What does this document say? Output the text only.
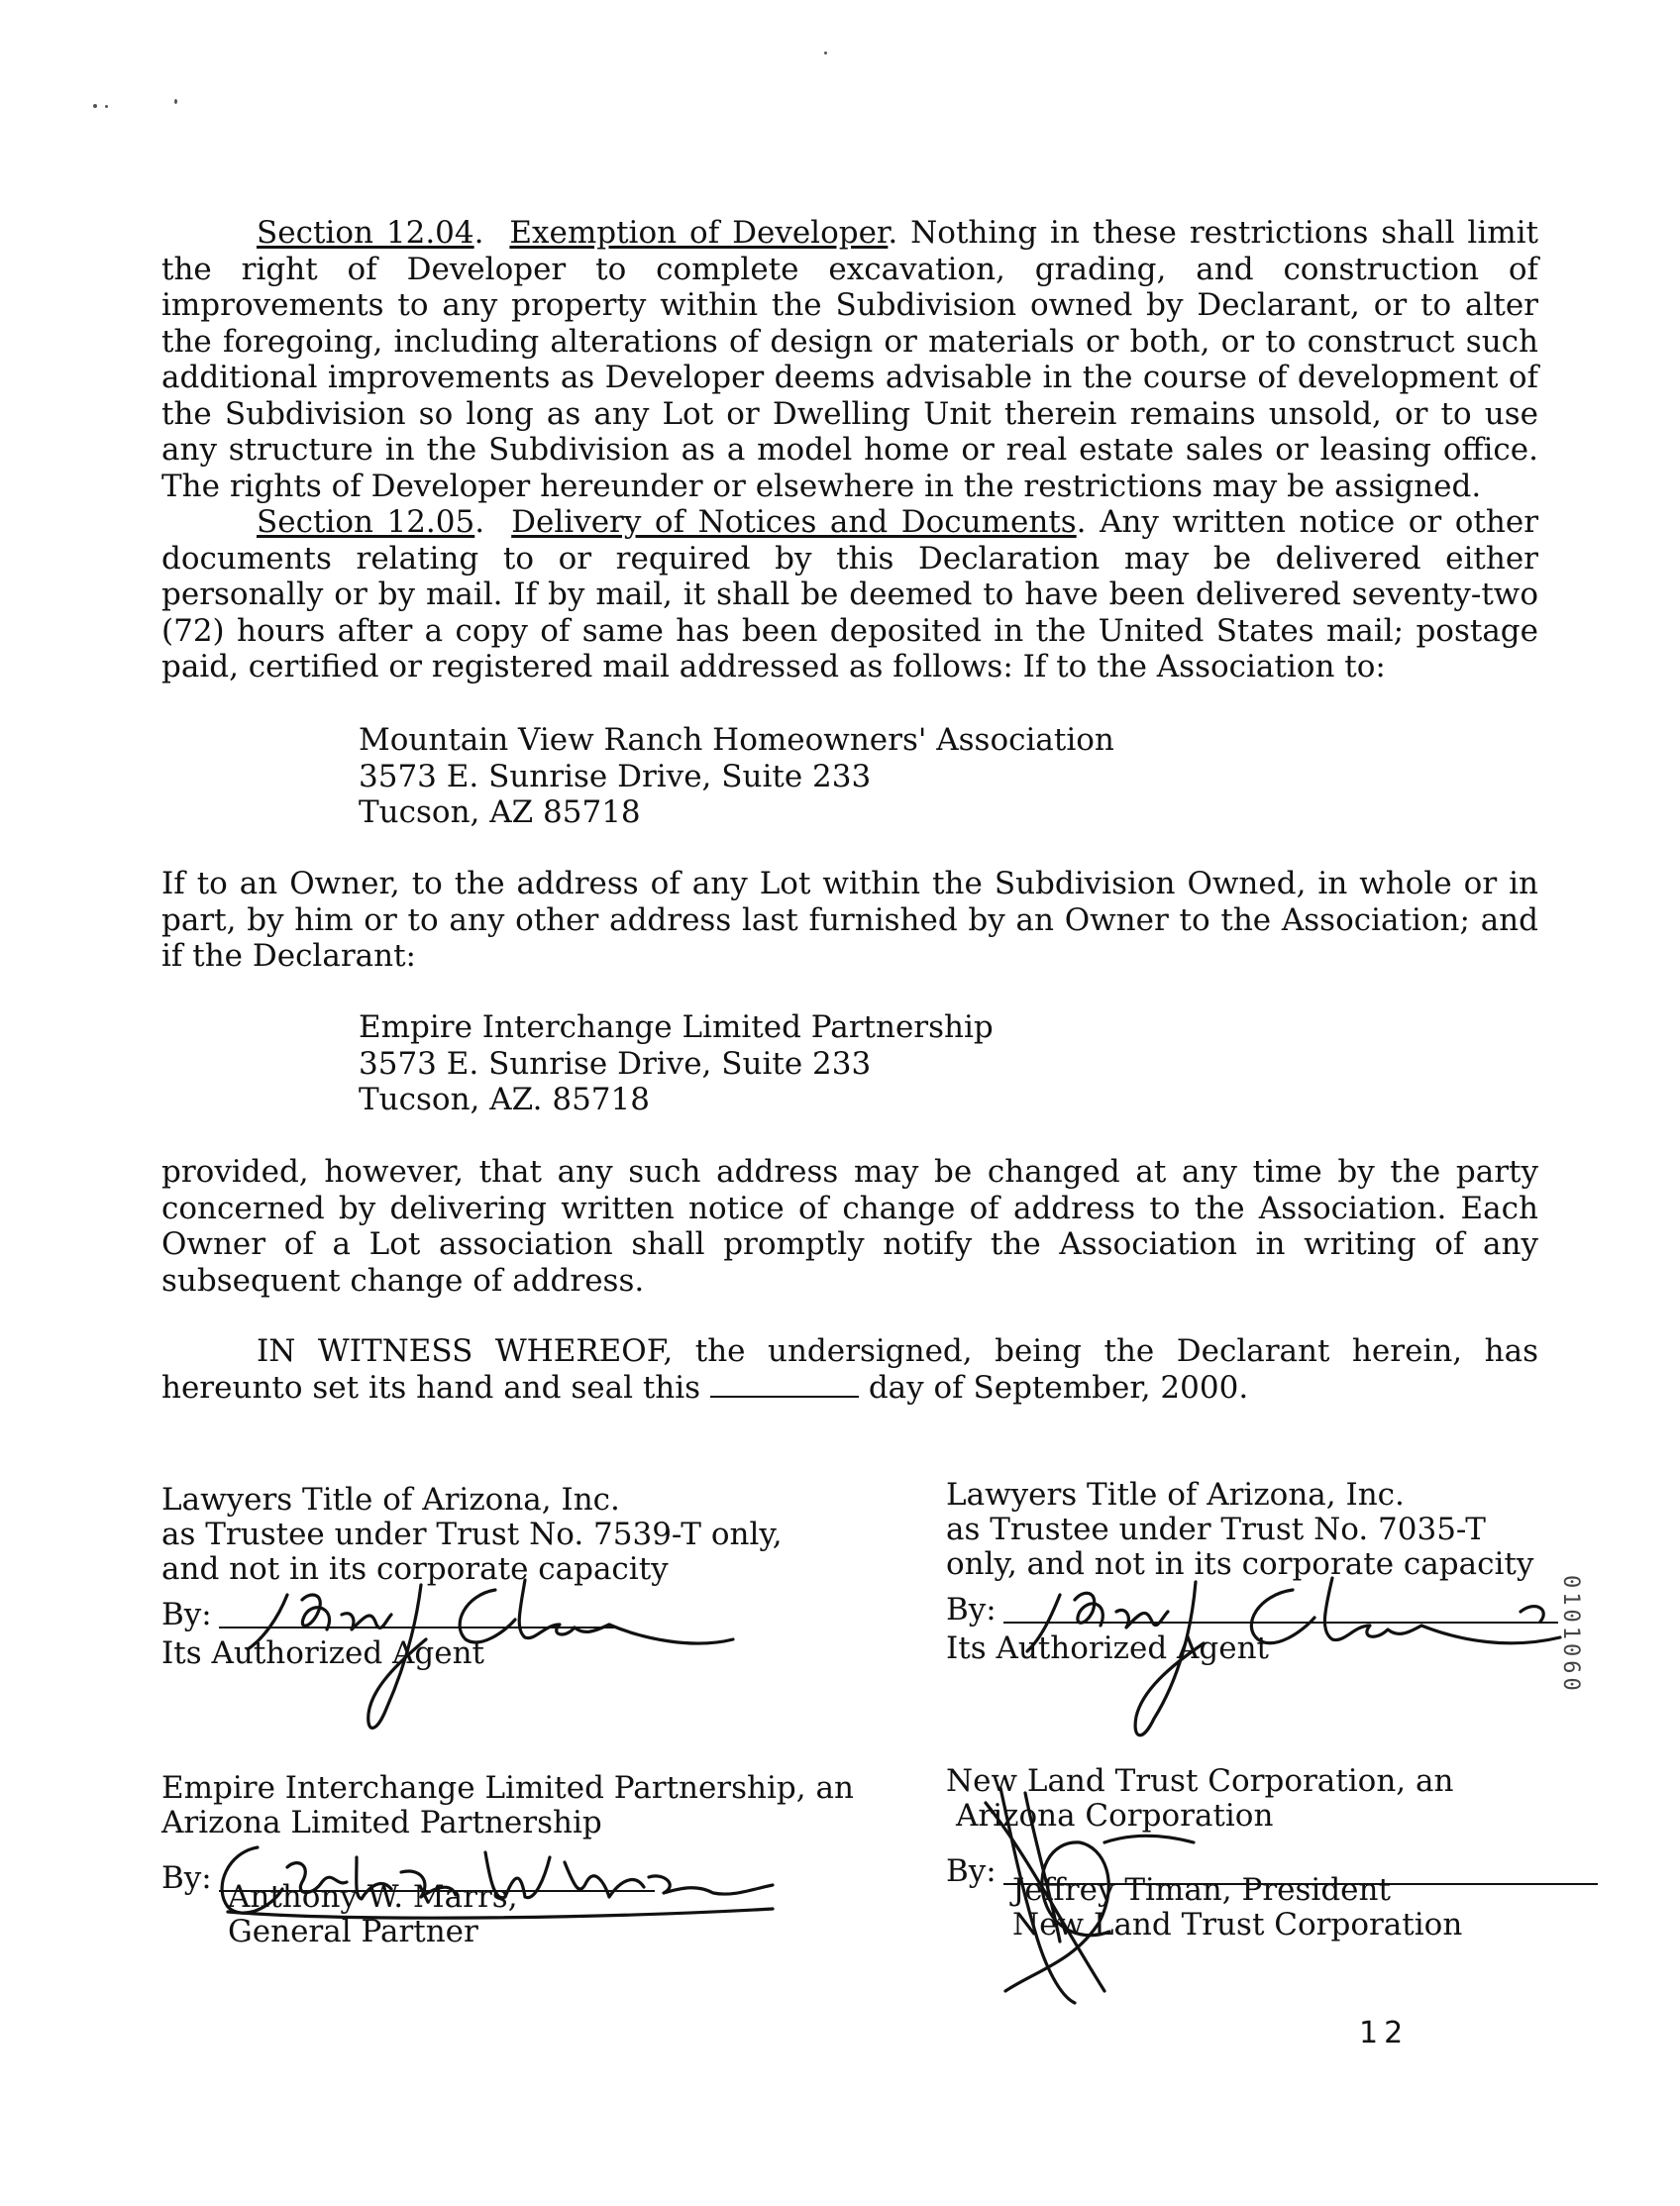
Section 12.04.  Exemption of Developer. Nothing in these restrictions shall limit the right of Developer to complete excavation, grading, and construction of improvements to any property within the Subdivision owned by Declarant, or to alter the foregoing, including alterations of design or materials or both, or to construct such additional improvements as Developer deems advisable in the course of development of the Subdivision so long as any Lot or Dwelling Unit therein remains unsold, or to use any structure in the Subdivision as a model home or real estate sales or leasing office. The rights of Developer hereunder or elsewhere in the restrictions may be assigned.

Section 12.05.  Delivery of Notices and Documents. Any written notice or other documents relating to or required by this Declaration may be delivered either personally or by mail. If by mail, it shall be deemed to have been delivered seventy-two (72) hours after a copy of same has been deposited in the United States mail; postage paid, certified or registered mail addressed as follows: If to the Association to:

Mountain View Ranch Homeowners' Association
3573 E. Sunrise Drive, Suite 233
Tucson, AZ 85718

If to an Owner, to the address of any Lot within the Subdivision Owned, in whole or in part, by him or to any other address last furnished by an Owner to the Association; and if the Declarant:

Empire Interchange Limited Partnership
3573 E. Sunrise Drive, Suite 233
Tucson, AZ. 85718

provided, however, that any such address may be changed at any time by the party concerned by delivering written notice of change of address to the Association. Each Owner of a Lot association shall promptly notify the Association in writing of any subsequent change of address.

IN WITNESS WHEREOF, the undersigned, being the Declarant herein, has hereunto set its hand and seal this	day of September, 2000.

Lawyers Title of Arizona, Inc.
as Trustee under Trust No. 7539-T only,
and not in its corporate capacity
By:
Its Authorized Agent
Lawyers Title of Arizona, Inc.
as Trustee under Trust No. 7035-T
only, and not in its corporate capacity
By:
Its Authorized Agent
Empire Interchange Limited Partnership, an
Arizona Limited Partnership
By:
Anthony W. Marrs,
General Partner
New Land Trust Corporation, an
Arizona Corporation
By:
Jeffrey Timan, President
New Land Trust Corporation
12
0101060
